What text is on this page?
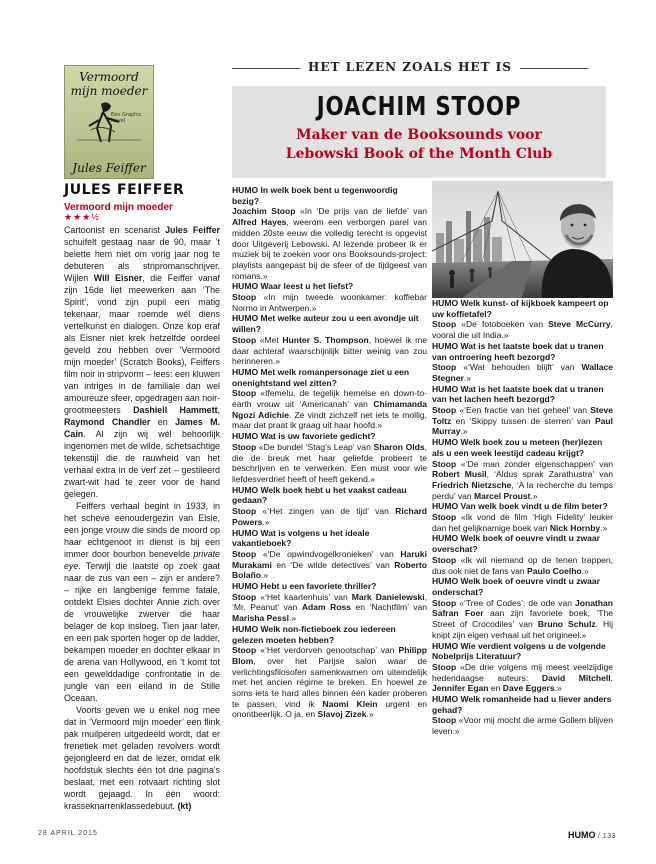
Vermoord
mijn moeder
Een Graphic Novel
Jules Feiffer
JULES FEIFFER
Vermoord mijn moeder
★★★½

Cartoonist en scenarist Jules Feiffer schuifelt gestaag naar de 90, maar ’t belette hem niet om vorig jaar nog te debuteren als stripromanschrijver. Wijlen Will Eisner, die Feiffer vanaf zijn 16de liet meewerken aan ‘The Spirit’, vond zijn pupil een matig tekenaar, maar roemde wél diens vertelkunst en dialogen. Onze kop eraf als Eisner niet krek hetzelfde oordeel geveld zou hebben over ‘Vermoord mijn moeder’ (Scratch Books), Feiffers film noir in stripvorm – lees: een kluwen van intriges in de familiale dan wel amoureuze sfeer, opgedragen aan noir-grootmeesters Dashiell Hammett, Raymond Chandler en James M. Cain. Al zijn wij wél behoorlijk ingenomen met de wilde, schetsachtige tekenstijl die de rauwheid van het verhaal extra in de verf zet – gestileerd zwart-wit had te zeer voor de hand gelegen.

Feiffers verhaal begint in 1933, in het scheve eenoudergezin van Elsie, een jonge vrouw die sinds de moord op haar echtgenoot in dienst is bij een immer door bourbon benevelde private eye. Terwijl die laatste op zoek gaat naar de zus van een – zijn er andere? – rijke en langbenige femme fatale, ontdekt Elsies dochter Annie zich over de vrouwelijke zwerver die haar belager de kop insloeg. Tien jaar later, en een pak sporten hoger op de ladder, bekampen moeder en dochter elkaar in de arena van Hollywood, en ’t komt tot een gewelddadige confrontatie in de jungle van een eiland in de Stille Oceaan.

Voorts geven we u enkel nog mee dat in ‘Vermoord mijn moeder’ een flink pak muilperen uitgedeeld wordt, dat er frenetiek met geladen revolvers wordt gejongleerd en dat de lezer, omdat elk hoofdstuk slechts één tot drie pagina’s beslaat, met een rotvaart richting slot wordt gejaagd. In één woord: krasseknarrenklassedebuut. (kt)

HET LEZEN ZOALS HET IS
JOACHIM STOOP
Maker van de Booksounds voor
Lebowski Book of the Month Club

HUMO In welk boek bent u tegenwoordig bezig?

Joachim Stoop «In ‘De prijs van de liefde’ van Alfred Hayes, weerom een verborgen parel van midden 20ste eeuw die volledig terecht is opgevist door Uitgeverij Lebowski. Al lezende probeer ik er muziek bij te zoeken voor ons Booksounds-project: playlists aangepast bij de sfeer of de tijdgeest van romans.»

HUMO Waar leest u het liefst?

Stoop «In mijn tweede woonkamer: koffiebar Normo in Antwerpen.»

HUMO Met welke auteur zou u een avondje uit willen?

Stoop «Met Hunter S. Thompson, hoewel ik me daar achteraf waarschijnlijk bitter weinig van zou herinneren.»

HUMO Met welk romanpersonage ziet u een onenightstand wel zitten?

Stoop «Ifemelu, de tegelijk hemelse en down-to-earth vrouw uit ‘Americanah’ van Chimamanda Ngozi Adichie. Ze vindt zichzelf net iets te mollig, maar dat praat ik graag uit haar hoofd.»

HUMO Wat is uw favoriete gedicht?

Stoop «De bundel ‘Stag’s Leap’ van Sharon Olds, die de breuk met haar geliefde probeert te beschrijven en te verwerken. Een must voor wie liefdesverdriet heeft of heeft gekend.»

HUMO Welk boek hebt u het vaakst cadeau gedaan?

Stoop «‘Het zingen van de tijd’ van Richard Powers.»

HUMO Wat is volgens u het ideale vakantieboek?

Stoop «‘De opwindvogelkronieken’ van Haruki Murakami en ‘De wilde detectives’ van Roberto Bolaño.»

HUMO Hebt u een favoriete thriller?

Stoop «‘Het kaartenhuis’ van Mark Danielewski, ‘Mr. Peanut’ van Adam Ross en ‘Nachtfilm’ van Marisha Pessl.»

HUMO Welk non-fictieboek zou iedereen gelezen moeten hebben?

Stoop «‘Het verdorven genootschap’ van Philipp Blom, over het Parijse salon waar de verlichtingsfilosofen samenkwamen om uiteindelijk met het ancien régime te breken. En hoewel ze soms iets te hard alles binnen één kader proberen te passen, vind ik Naomi Klein urgent en onontbeerlijk. O ja, en Slavoj Zizek.»

HUMO Welk kunst- of kijkboek kampeert op uw koffietafel?

Stoop «De fotoboeken van Steve McCurry, vooral die uit India.»

HUMO Wat is het laatste boek dat u tranen van ontroering heeft bezorgd?

Stoop «‘Wat behouden blijft’ van Wallace Stegner.»

HUMO Wat is het laatste boek dat u tranen van het lachen heeft bezorgd?

Stoop «‘Een fractie van het geheel’ van Steve Toltz en ‘Skippy tussen de sterren’ van Paul Murray.»

HUMO Welk boek zou u meteen (her)lezen als u een week leestijd cadeau krijgt?

Stoop «‘De man zonder eigenschappen’ van Robert Musil, ‘Aldus sprak Zarathustra’ van Friedrich Nietzsche, ‘A la recherche du temps perdu’ van Marcel Proust.»

HUMO Van welk boek vindt u de film beter?

Stoop «Ik vond de film ‘High Fidelity’ leuker dan het gelijknamige boek van Nick Hornby.»

HUMO Welk boek of oeuvre vindt u zwaar overschat?

Stoop «Ik wil niemand op de tenen trappen, dus ook niet de fans van Paulo Coelho.»

HUMO Welk boek of oeuvre vindt u zwaar onderschat?

Stoop «‘Tree of Codes’: de ode van Jonathan Safran Foer aan zijn favoriete boek, ‘The Street of Crocodiles’ van Bruno Schulz. Hij knipt zijn eigen verhaal uit het origineel.»

HUMO Wie verdient volgens u de volgende Nobelprijs Literatuur?

Stoop «De drie volgens mij meest veelzijdige hedendaagse auteurs: David Mitchell, Jennifer Egan en Dave Eggers.»

HUMO Welk romanheide had u liever anders gehad?

Stoop «Voor mij mocht die arme Gollem blijven leven.»

28 APRIL 2015	HUMO / 133
